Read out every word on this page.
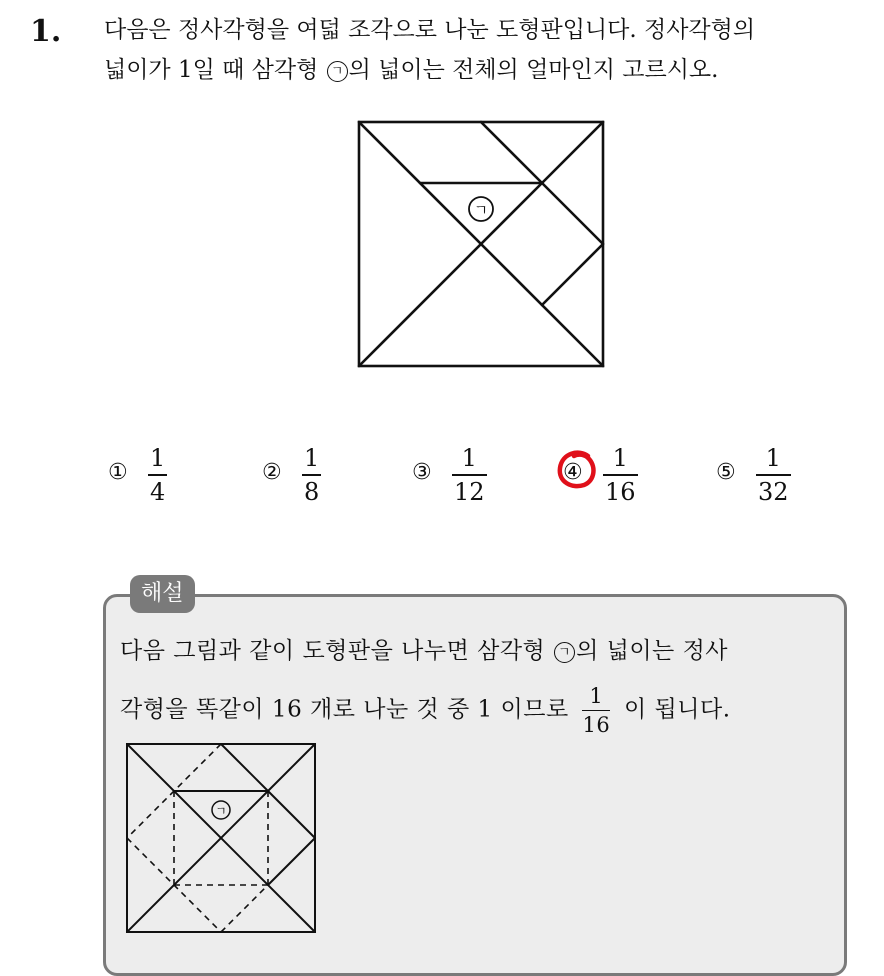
1. 다음은 정사각형을 여덟 조각으로 나눈 도형판입니다. 정사각형의
넓이가 1일 때 삼각형 ㄱ 의 넓이는 전체의 얼마인지 고르시오.
ㄱ
①
1
4
②
1
8
③
1
12
④
1
16
⑤
1
32
해설
다음 그림과 같이 도형판을 나누면 삼각형 ㄱ 의 넓이는 정사
각형을 똑같이 16 개로 나눈 것 중 1 이므로 $\frac{1}{16}$ 이 됩니다.
ㄱ
